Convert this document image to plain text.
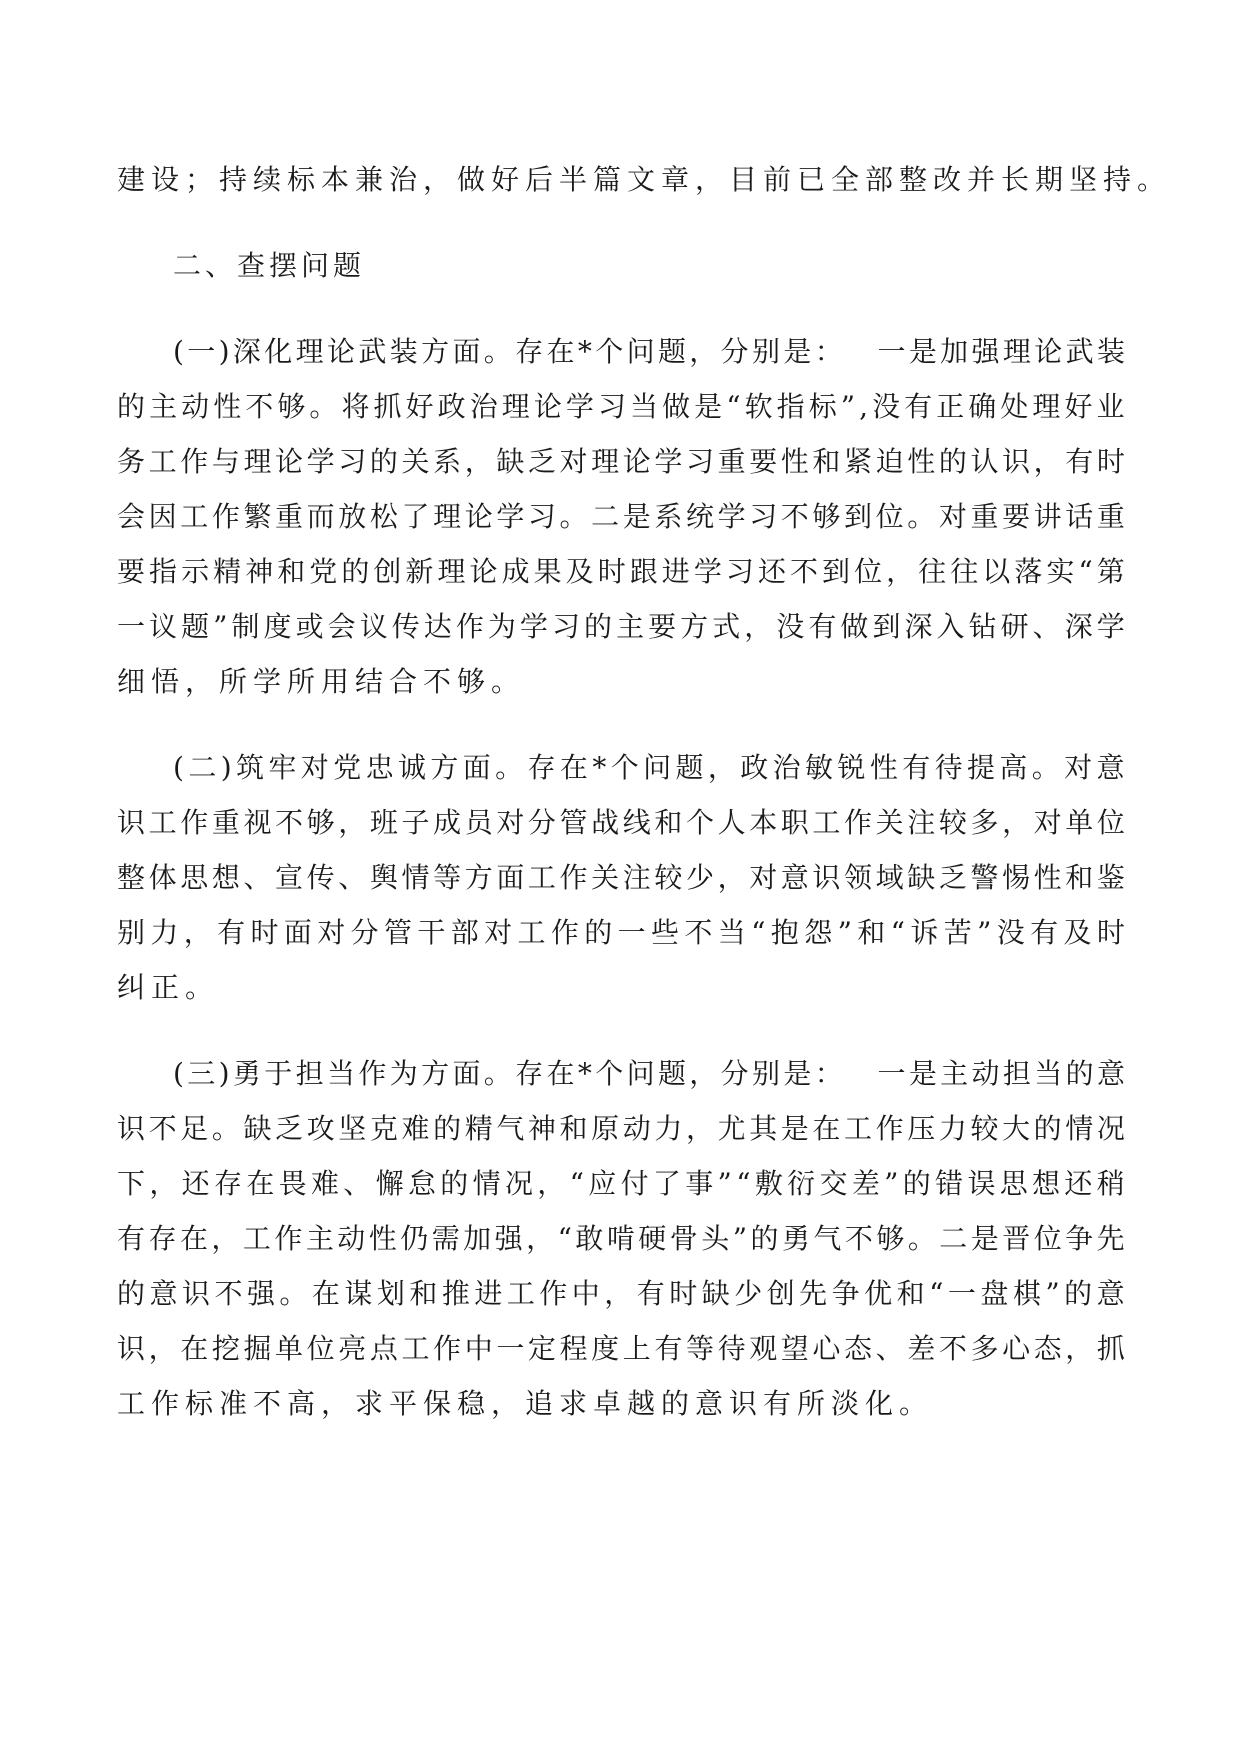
建设；持续标本兼治，做好后半篇文章，目前已全部整改并长期坚持。
二、查摆问题
( 一 ) 深 化 理 论 武 装 方 面 。 存 在 * 个 问 题 ， 分 别 是 ：
　 一 是 加 强 理 论 武 装
的 主 动 性 不 够 。 将 抓 好 政 治 理 论 学 习 当 做 是 “ 软 指 标 ” , 没 有 正 确 处 理 好 业
务 工 作 与 理 论 学 习 的 关 系 ， 缺 乏 对 理 论 学 习 重 要 性 和 紧 迫 性 的 认 识 ， 有 时
会 因 工 作 繁 重 而 放 松 了 理 论 学 习 。 二 是 系 统 学 习 不 够 到 位 。 对 重 要 讲 话 重
要 指 示 精 神 和 党 的 创 新 理 论 成 果 及 时 跟 进 学 习 还 不 到 位 ， 往 往 以 落 实 “ 第
一 议 题 ” 制 度 或 会 议 传 达 作 为 学 习 的 主 要 方 式 ， 没 有 做 到 深 入 钻 研 、 深 学
细悟，所学所用结合不够。
( 二 ) 筑 牢 对 党 忠 诚 方 面 。 存 在 * 个 问 题 ， 政 治 敏 锐 性 有 待 提 高 。 对 意
识 工 作 重 视 不 够 ， 班 子 成 员 对 分 管 战 线 和 个 人 本 职 工 作 关 注 较 多 ， 对 单 位
整 体 思 想 、 宣 传 、 舆 情 等 方 面 工 作 关 注 较 少 ， 对 意 识 领 域 缺 乏 警 惕 性 和 鉴
别 力 ， 有 时 面 对 分 管 干 部 对 工 作 的 一 些 不 当 “ 抱 怨 ” 和 “ 诉 苦 ” 没 有 及 时
纠正。
( 三 ) 勇 于 担 当 作 为 方 面 。 存 在 * 个 问 题 ， 分 别 是 ：
　 一 是 主 动 担 当 的 意
识 不 足 。 缺 乏 攻 坚 克 难 的 精 气 神 和 原 动 力 ， 尤 其 是 在 工 作 压 力 较 大 的 情 况
下 ， 还 存 在 畏 难 、 懈 怠 的 情 况 ， “ 应 付 了 事 ” “ 敷 衍 交 差 ” 的 错 误 思 想 还 稍
有 存 在 ， 工 作 主 动 性 仍 需 加 强 ， “ 敢 啃 硬 骨 头 ” 的 勇 气 不 够 。 二 是 晋 位 争 先
的 意 识 不 强 。 在 谋 划 和 推 进 工 作 中 ， 有 时 缺 少 创 先 争 优 和 “ 一 盘 棋 ” 的 意
识 ， 在 挖 掘 单 位 亮 点 工 作 中 一 定 程 度 上 有 等 待 观 望 心 态 、 差 不 多 心 态 ， 抓
工作标准不高，求平保稳，追求卓越的意识有所淡化。
